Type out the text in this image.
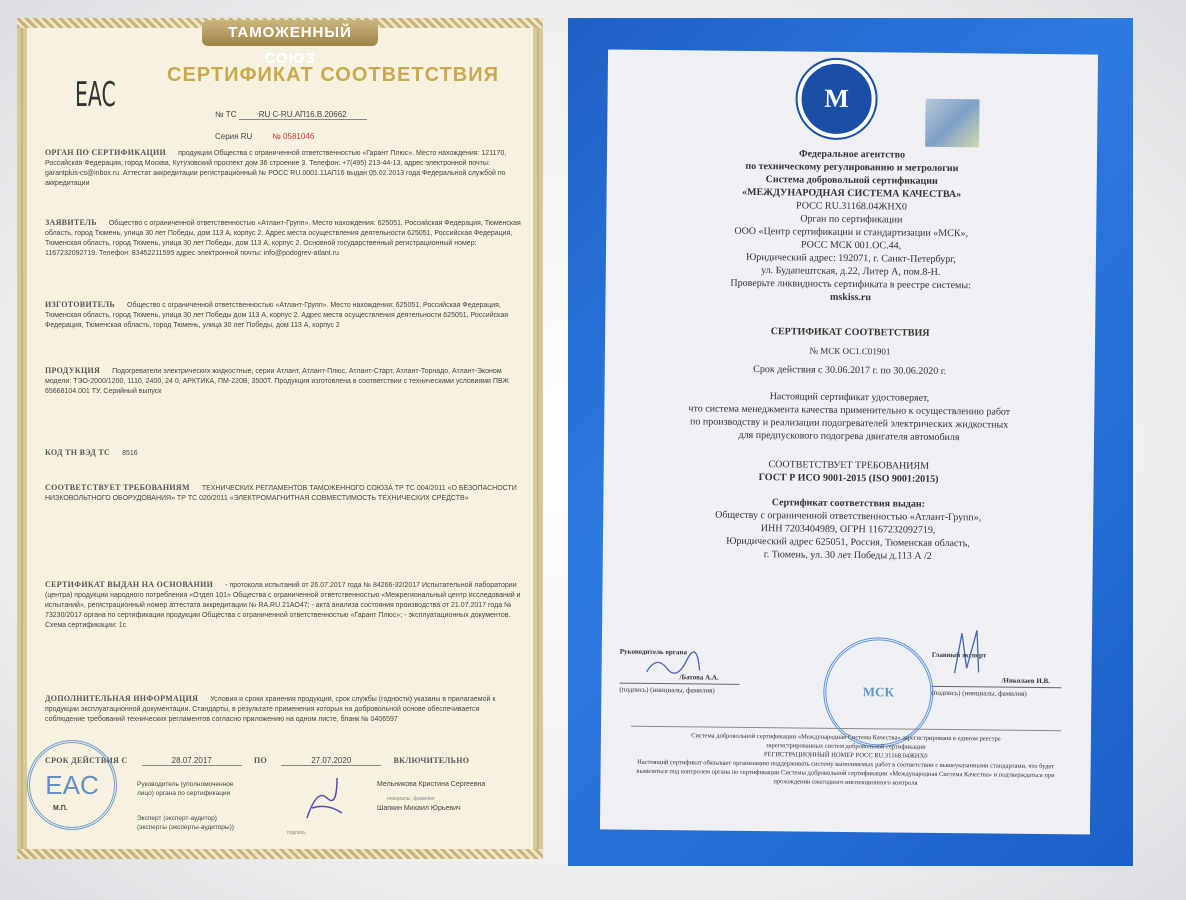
ТАМОЖЕННЫЙ СОЮЗ
СЕРТИФИКАТ СООТВЕТСТВИЯ
EAC	№ ТС	RU C-RU.АП16.В.20662
Серия RU	№ 0581046
ОРГАН ПО СЕРТИФИКАЦИИ продукции Общества с ограниченной ответственностью «Гарант Плюс». Место нахождения: 121170, Российская Федерация, город Москва, Кутузовский проспект дом 36 строение 3. Телефон: +7(495) 213-44-13, адрес электронной почты: garantplus-cs@inbox.ru. Аттестат аккредитации регистрационный № РОСС RU.0001.11АП16 выдан 05.02.2013 года Федеральной службой по аккредитации
ЗАЯВИТЕЛЬ Общество с ограниченной ответственностью «Атлант-Групп». Место нахождения: 625051, Российская Федерация, Тюменская область, город Тюмень, улица 30 лет Победы, дом 113 А, корпус 2. Адрес места осуществления деятельности 625051, Российская Федерация, Тюменская область, город Тюмень, улица 30 лет Победы, дом 113 А, корпус 2. Основной государственный регистрационный номер: 1167232092719. Телефон: 83452211595 адрес электронной почты: info@podogrev-atlant.ru
ИЗГОТОВИТЕЛЬ Общество с ограниченной ответственностью «Атлант-Групп». Место нахождения: 625051, Российская Федерация, Тюменская область, город Тюмень, улица 30 лет Победы дом 113 А, корпус 2. Адрес места осуществления деятельности 625051, Российская Федерация, Тюменская область, город Тюмень, улица 30 лет Победы, дом 113 А, корпус 2
ПРОДУКЦИЯ Подогреватели электрических жидкостные, серии Атлант, Атлант-Плюс, Атлант-Старт, Атлант-Торнадо, Атлант-Эконом модели: ТЭО-2000/1200, 1110, 2400, 24 0, АРКТИКА, ПМ-220В, 3500Т. Продукция изготовлена в соответствии с техническими условиями ПВЖ 65668104.001 ТУ. Серийный выпуск
КОД ТН ВЭД ТС 8516
СООТВЕТСТВУЕТ ТРЕБОВАНИЯМ ТЕХНИЧЕСКИХ РЕГЛАМЕНТОВ ТАМОЖЕННОГО СОЮЗА ТР ТС 004/2011 «О БЕЗОПАСНОСТИ НИЗКОВОЛЬТНОГО ОБОРУДОВАНИЯ» ТР ТС 020/2011 «ЭЛЕКТРОМАГНИТНАЯ СОВМЕСТИМОСТЬ ТЕХНИЧЕСКИХ СРЕДСТВ»
СЕРТИФИКАТ ВЫДАН НА ОСНОВАНИИ - протокола испытаний от 26.07.2017 года № 84266-32/2017 Испытательной лаборатории (центра) продукции народного потребления «Отдел 101» Общества с ограниченной ответственностью «Межрегиональный центр исследований и испытаний», регистрационный номер аттестата аккредитации № RA.RU.21АО47; - акта анализа состояния производства от 21.07.2017 года № 73230/2017 органа по сертификации продукции Общества с ограниченной ответственностью «Гарант Плюс»; - эксплуатационных документов. Схема сертификации: 1с
ДОПОЛНИТЕЛЬНАЯ ИНФОРМАЦИЯ Условия и сроки хранения продукции, срок службы (годности) указаны в прилагаемой к продукции эксплуатационной документации. Стандарты, в результате применения которых на добровольной основе обеспечивается соблюдение требований технических регламентов согласно приложению на одном листе, бланк № 0406597
СРОК ДЕЙСТВИЯ С	28.07.2017	ПО	27.07.2020	ВКЛЮЧИТЕЛЬНО
Руководитель (уполномоченное лицо) органа по сертификации
Мельникова Кристина Сергеевна
инициалы, фамилия
Эксперт (эксперт-аудитор) (эксперты (эксперты-аудиторы))
Шапкин Михаил Юрьевич
подпись
EAC
М.П.
M
Федеральное агентство
по техническому регулированию и метрологии
Система добровольной сертификации
«МЕЖДУНАРОДНАЯ СИСТЕМА КАЧЕСТВА»
РОСС RU.31168.04ЖНХ0
Орган по сертификации
ООО «Центр сертификации и стандартизации «МСК»,
РОСС МСК 001.ОС.44,
Юридический адрес: 192071, г. Санкт-Петербург,
ул. Будапештская, д.22, Литер А, пом.8-Н.
Проверьте ликвидность сертификата в реестре системы:
mskiss.ru
СЕРТИФИКАТ СООТВЕТСТВИЯ
№ МСК ОС1.С01901
Срок действия с 30.06.2017 г. по 30.06.2020 г.
Настоящий сертификат удостоверяет,
что система менеджмента качества применительно к осуществлению работ
по производству и реализации подогревателей электрических жидкостных
для предпускового подогрева двигателя автомобиля
СООТВЕТСТВУЕТ ТРЕБОВАНИЯМ
ГОСТ Р ИСО 9001-2015 (ISO 9001:2015)
Сертификат соответствия выдан:
Обществу с ограниченной ответственностью «Атлант-Групп»,
ИНН 7203404989, ОГРН 1167232092719,
Юридический адрес 625051, Россия, Тюменская область,
г. Тюмень, ул. 30 лет Победы д.113 А /2
Руководитель органа
/Батова А.А.
(подпись) (инициалы, фамилия)
Главный эксперт
/Николаев И.В.
(подпись) (инициалы, фамилия)
МСК
Система добровольной сертификации «Международная Система Качества» зарегистрирована в едином реестре
зарегистрированных систем добровольной сертификации
РЕГИСТРАЦИОННЫЙ НОМЕР РОСС RU.31168.04ЖНХ0
Настоящий сертификат обязывает организацию поддерживать систему выполняемых работ в соответствии с вышеуказанными стандартами, что будет выявляться под контролем органа по сертификации Системы добровольной сертификации «Международная Система Качества» и подтверждаться при прохождении ежегодного инспекционного контроля
